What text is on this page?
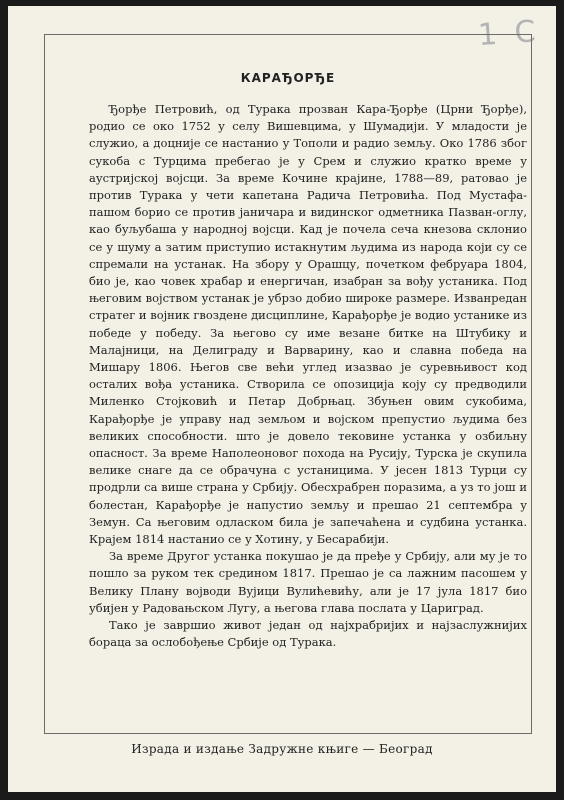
1 C
КАРАЂОРЂЕ

Ђорђе Петровић, од Турака прозван Кара-Ђорђе (Црни Ђорђе), родио се око 1752 у селу Вишевцима, у Шумадији. У младости је служио, а доцније се настанио у Тополи и радио земљу. Око 1786 због сукоба с Турцима пребегао је у Срем и служио кратко време у аустријској војсци. За време Кочине крајине, 1788—89, ратовао је против Турака у чети капетана Радича Петровића. Под Мустафа-пашом борио се против јаничара и видинског одметника Пазван-оглу, као буљубаша у народној војсци. Кад је почела сеча кнезова склонио се у шуму а затим приступио истакнутим људима из народа који су се спремали на устанак. На збору у Орашцу, почетком фебруара 1804, био је, као човек храбар и енергичан, изабран за вођу устаника. Под његовим војством устанак је убрзо добио широке размере. Изванредан стратег и војник гвоздене дисциплине, Карађорђе је водио устанике из победе у победу. За његово су име везане битке на Штубику и Малајници, на Делиграду и Варварину, као и славна победа на Мишару 1806. Његов све већи углед изазвао је суревњивост код осталих вођа устаника. Створила се опозиција коју су предводили Миленко Стојковић и Петар Добрњац. Збуњен овим сукобима, Карађорђе је управу над земљом и војском препустио људима без великих способности. што је довело тековине устанка у озбиљну опасност. За време Наполеоновог похода на Русију, Турска је скупила велике снаге да се обрачуна с устаницима. У јесен 1813 Турци су продрли са више страна у Србију. Обесхрабрен поразима, а уз то још и болестан, Карађорђе је напустио земљу и прешао 21 септембра у Земун. Са његовим одласком била је запечаћена и судбина устанка. Крајем 1814 настанио се у Хотину, у Бесарабији.

За време Другог устанка покушао је да пређе у Србију, али му је то пошло за руком тек средином 1817. Прешао је са лажним пасошем у Велику Плану војводи Вујици Вулићевићу, али је 17 јула 1817 био убијен у Радовањском Лугу, а његова глава послата у Цариград.

Тако је завршио живот један од најхрабријих и најзаслужнијих бораца за ослобођење Србије од Турака.

Израда и издање Задружне књиге — Београд
